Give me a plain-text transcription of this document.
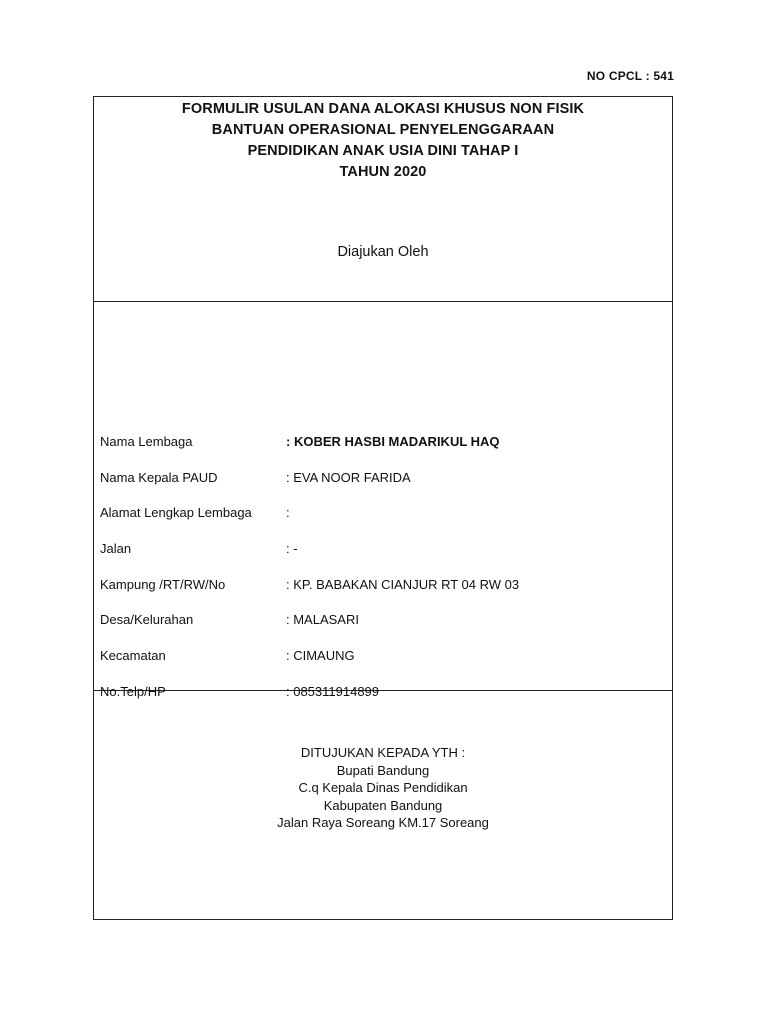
NO CPCL : 541
FORMULIR USULAN DANA ALOKASI KHUSUS NON FISIK
BANTUAN OPERASIONAL PENYELENGGARAAN
PENDIDIKAN ANAK USIA DINI TAHAP I
TAHUN 2020
Diajukan Oleh
Nama Lembaga	: KOBER HASBI MADARIKUL HAQ
Nama Kepala PAUD	: EVA NOOR FARIDA
Alamat Lengkap Lembaga	:
Jalan	: -
Kampung /RT/RW/No	: KP. BABAKAN CIANJUR RT 04 RW 03
Desa/Kelurahan	: MALASARI
Kecamatan	: CIMAUNG
No.Telp/HP	: 085311914899
DITUJUKAN KEPADA YTH :
Bupati Bandung
C.q Kepala Dinas Pendidikan
Kabupaten Bandung
Jalan Raya Soreang KM.17 Soreang
